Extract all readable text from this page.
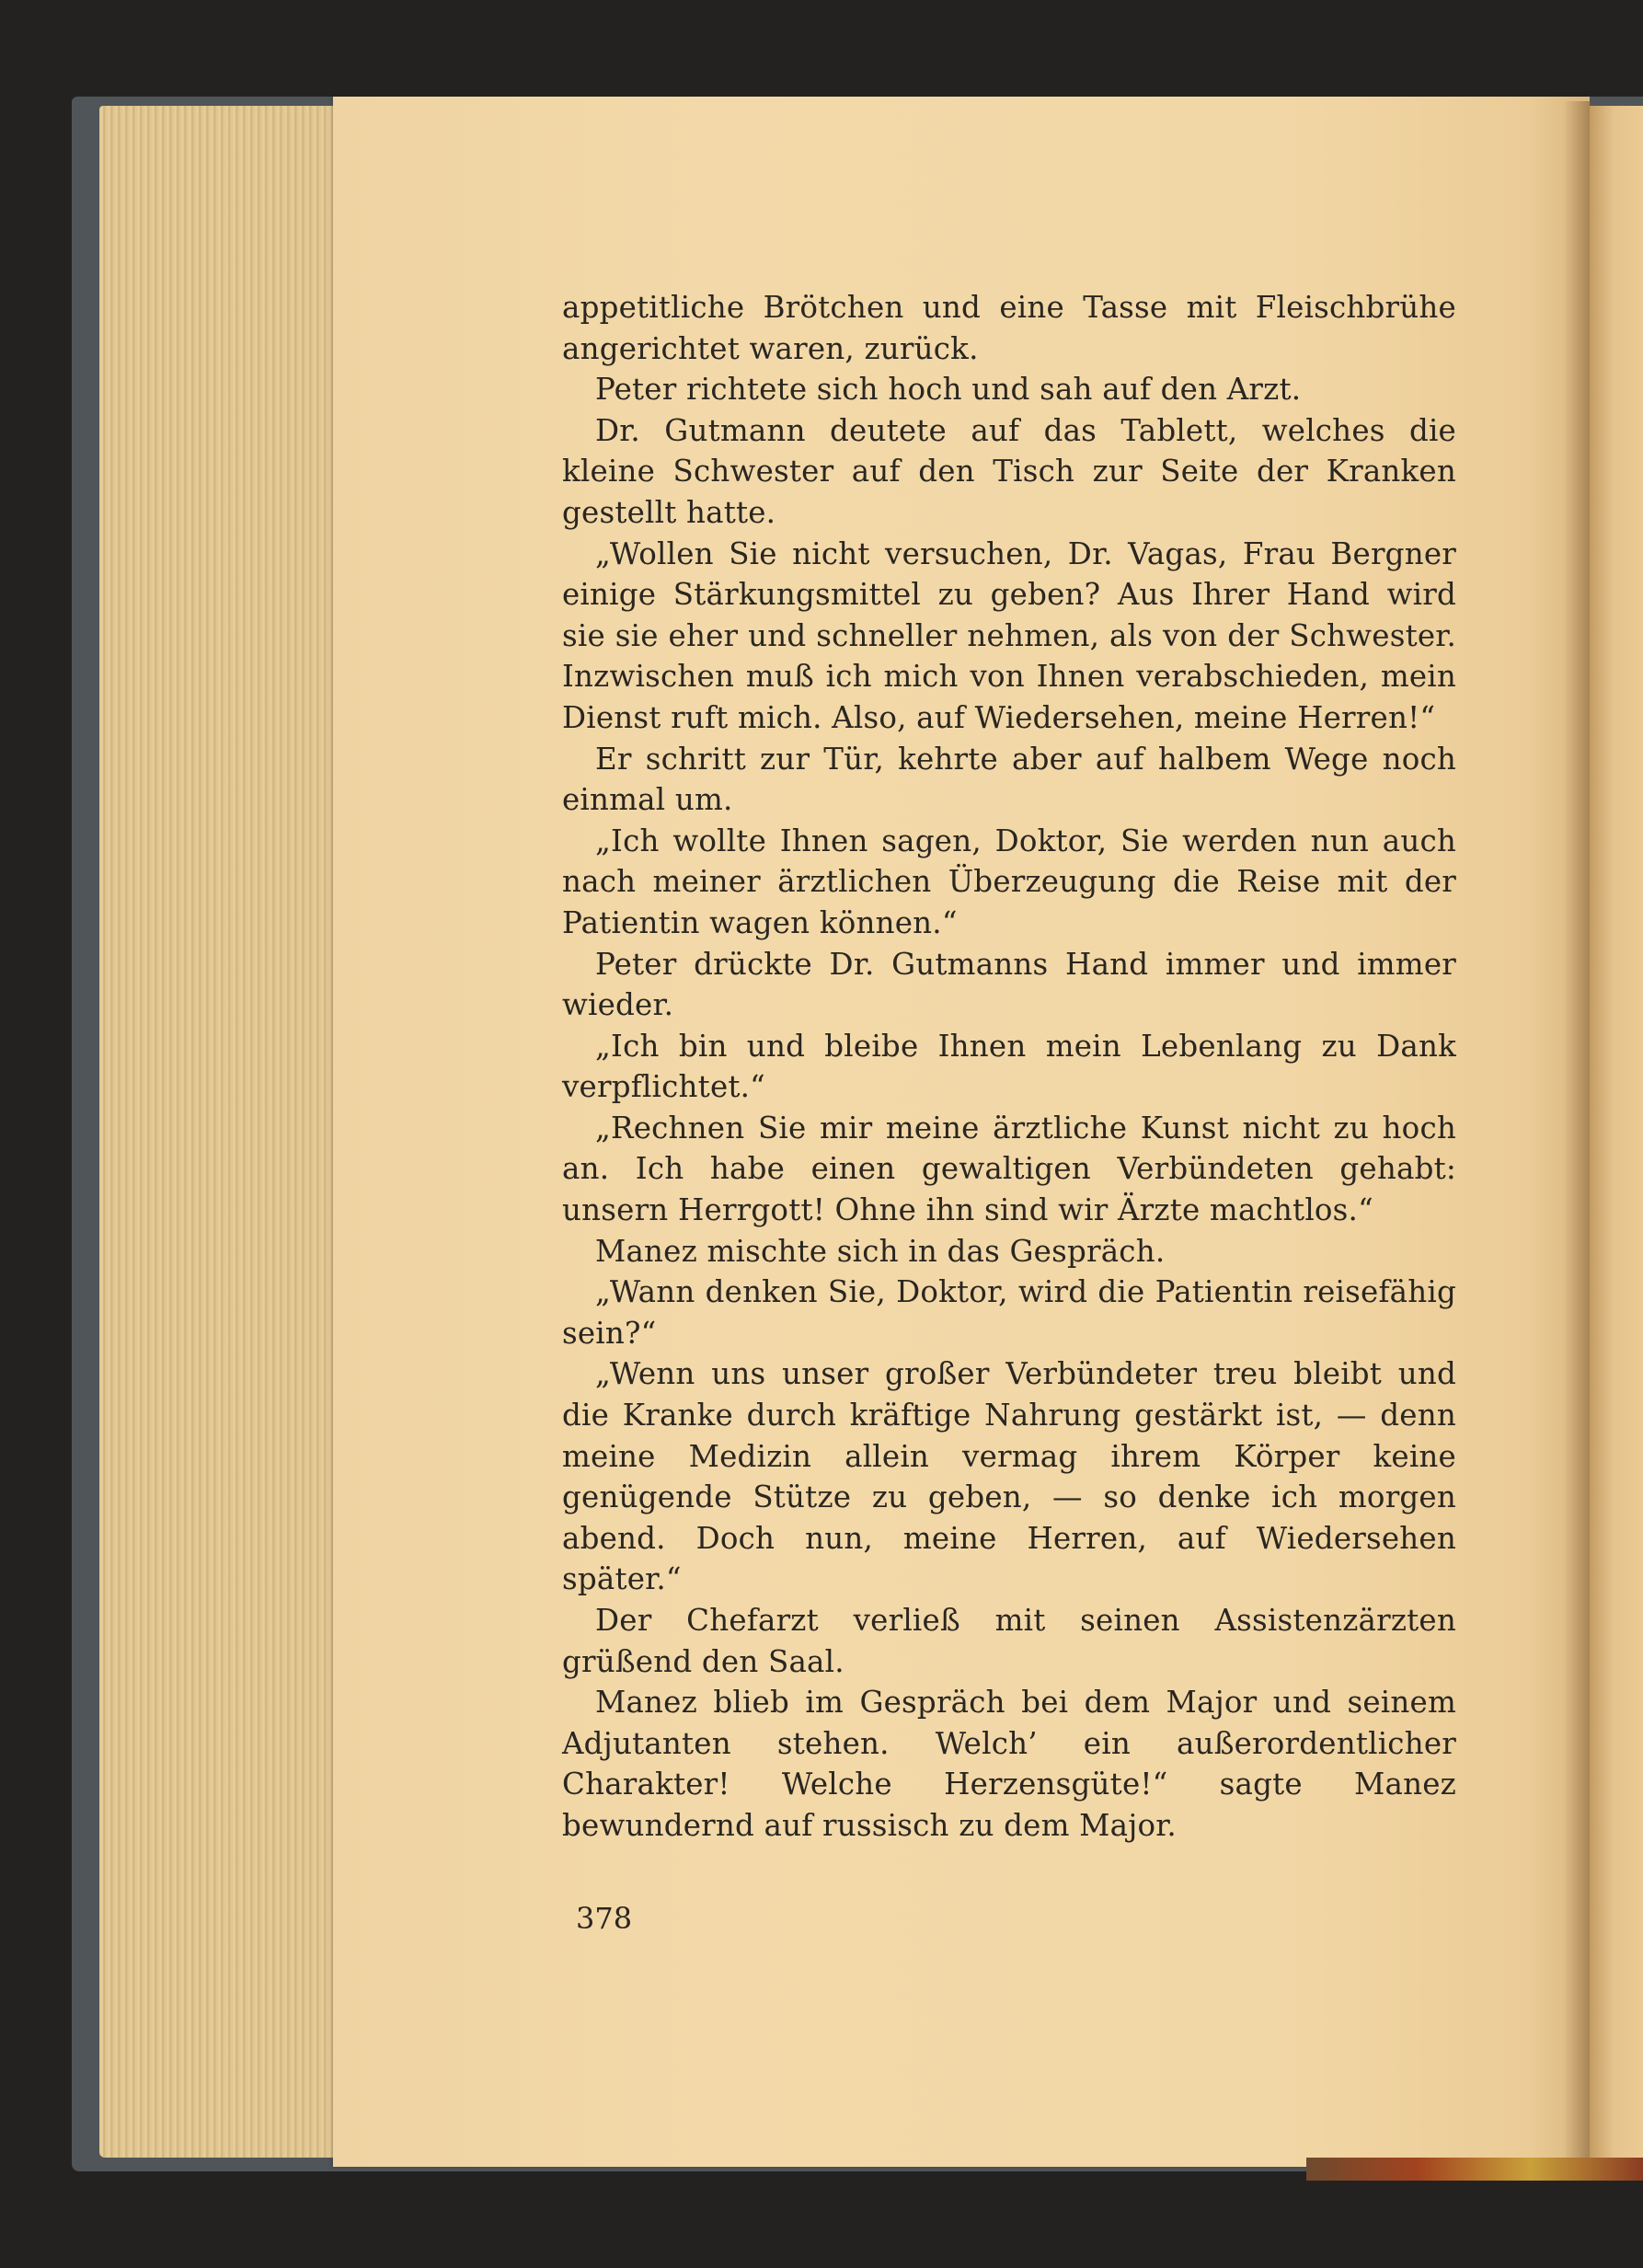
appetitliche Brötchen und eine Tasse mit Fleischbrühe angerichtet waren, zurück.

Peter richtete sich hoch und sah auf den Arzt.

Dr. Gutmann deutete auf das Tablett, welches die kleine Schwester auf den Tisch zur Seite der Kranken gestellt hatte.

„Wollen Sie nicht versuchen, Dr. Vagas, Frau Bergner einige Stärkungsmittel zu geben? Aus Ihrer Hand wird sie sie eher und schneller nehmen, als von der Schwester. Inzwischen muß ich mich von Ihnen verabschieden, mein Dienst ruft mich. Also, auf Wiedersehen, meine Herren!“

Er schritt zur Tür, kehrte aber auf halbem Wege noch einmal um.

„Ich wollte Ihnen sagen, Doktor, Sie werden nun auch nach meiner ärztlichen Überzeugung die Reise mit der Patientin wagen können.“

Peter drückte Dr. Gutmanns Hand immer und immer wieder.

„Ich bin und bleibe Ihnen mein Lebenlang zu Dank verpflichtet.“

„Rechnen Sie mir meine ärztliche Kunst nicht zu hoch an. Ich habe einen gewaltigen Verbündeten gehabt: unsern Herrgott! Ohne ihn sind wir Ärzte machtlos.“

Manez mischte sich in das Gespräch.

„Wann denken Sie, Doktor, wird die Patientin reisefähig sein?“

„Wenn uns unser großer Verbündeter treu bleibt und die Kranke durch kräftige Nahrung gestärkt ist, — denn meine Medizin allein vermag ihrem Körper keine genügende Stütze zu geben, — so denke ich morgen abend. Doch nun, meine Herren, auf Wiedersehen später.“

Der Chefarzt verließ mit seinen Assistenzärzten grüßend den Saal.

Manez blieb im Gespräch bei dem Major und seinem Adjutanten stehen. Welch’ ein außerordentlicher Charakter! Welche Herzensgüte!“ sagte Manez bewundernd auf russisch zu dem Major.

378
